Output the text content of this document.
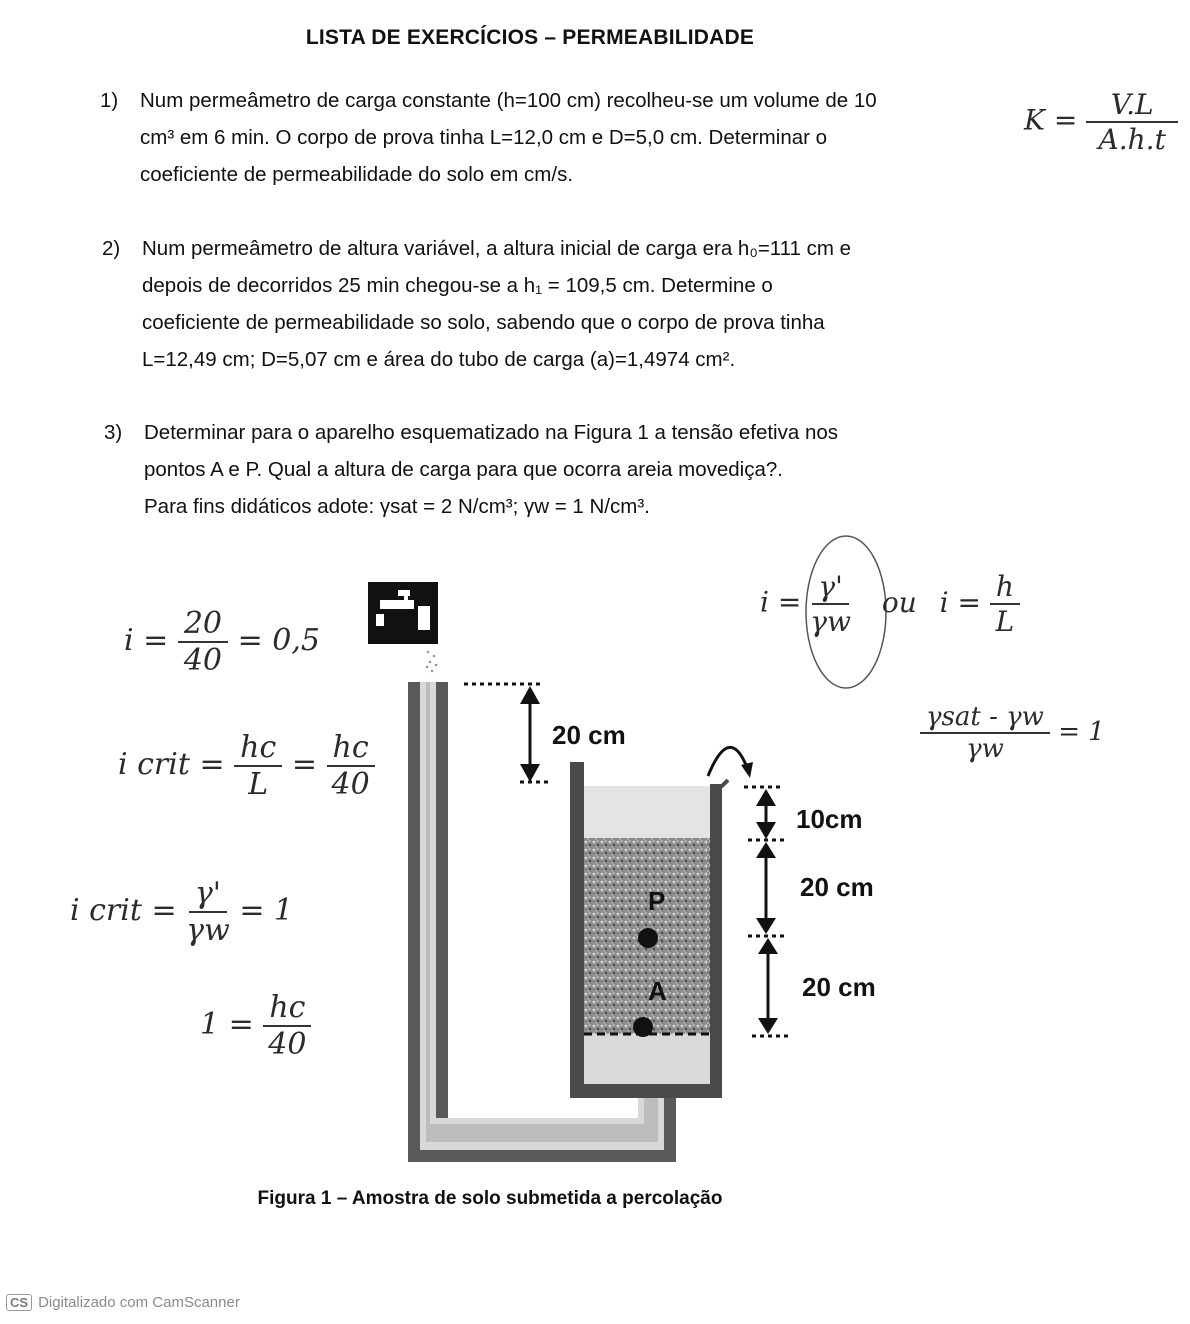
LISTA DE EXERCÍCIOS – PERMEABILIDADE
1) Num permeâmetro de carga constante (h=100 cm) recolheu-se um volume de 10

cm³ em 6 min. O corpo de prova tinha L=12,0 cm e D=5,0 cm. Determinar o

coeficiente de permeabilidade do solo em cm/s.

2) Num permeâmetro de altura variável, a altura inicial de carga era h₀=111 cm e

depois de decorridos 25 min chegou-se a h₁ = 109,5 cm. Determine o

coeficiente de permeabilidade so solo, sabendo que o corpo de prova tinha

L=12,49 cm; D=5,07 cm e área do tubo de carga (a)=1,4974 cm².

3) Determinar para o aparelho esquematizado na Figura 1 a tensão efetiva nos

pontos A e P. Qual a altura de carga para que ocorra areia movediça?.

Para fins didáticos adote: γsat = 2 N/cm³; γw = 1 N/cm³.

P
A
20 cm
10cm
20 cm
20 cm
Figura 1 – Amostra de solo submetida a percolação
$K = \frac{V.L}{A.h.t}$
$i = \frac{20}{40} = 0,5$
i crit = $\frac{hc}{L} = \frac{hc}{40}$
i crit = $\frac{\gamma'}{\gamma w} = 1$
$1 = \frac{hc}{40}$
$i = \frac{\gamma'}{\gamma w}$ ou $i = \frac{h}{L}$
$\frac{\text{γsat - γw}}{\gamma w} = 1$
CS Digitalizado com CamScanner
